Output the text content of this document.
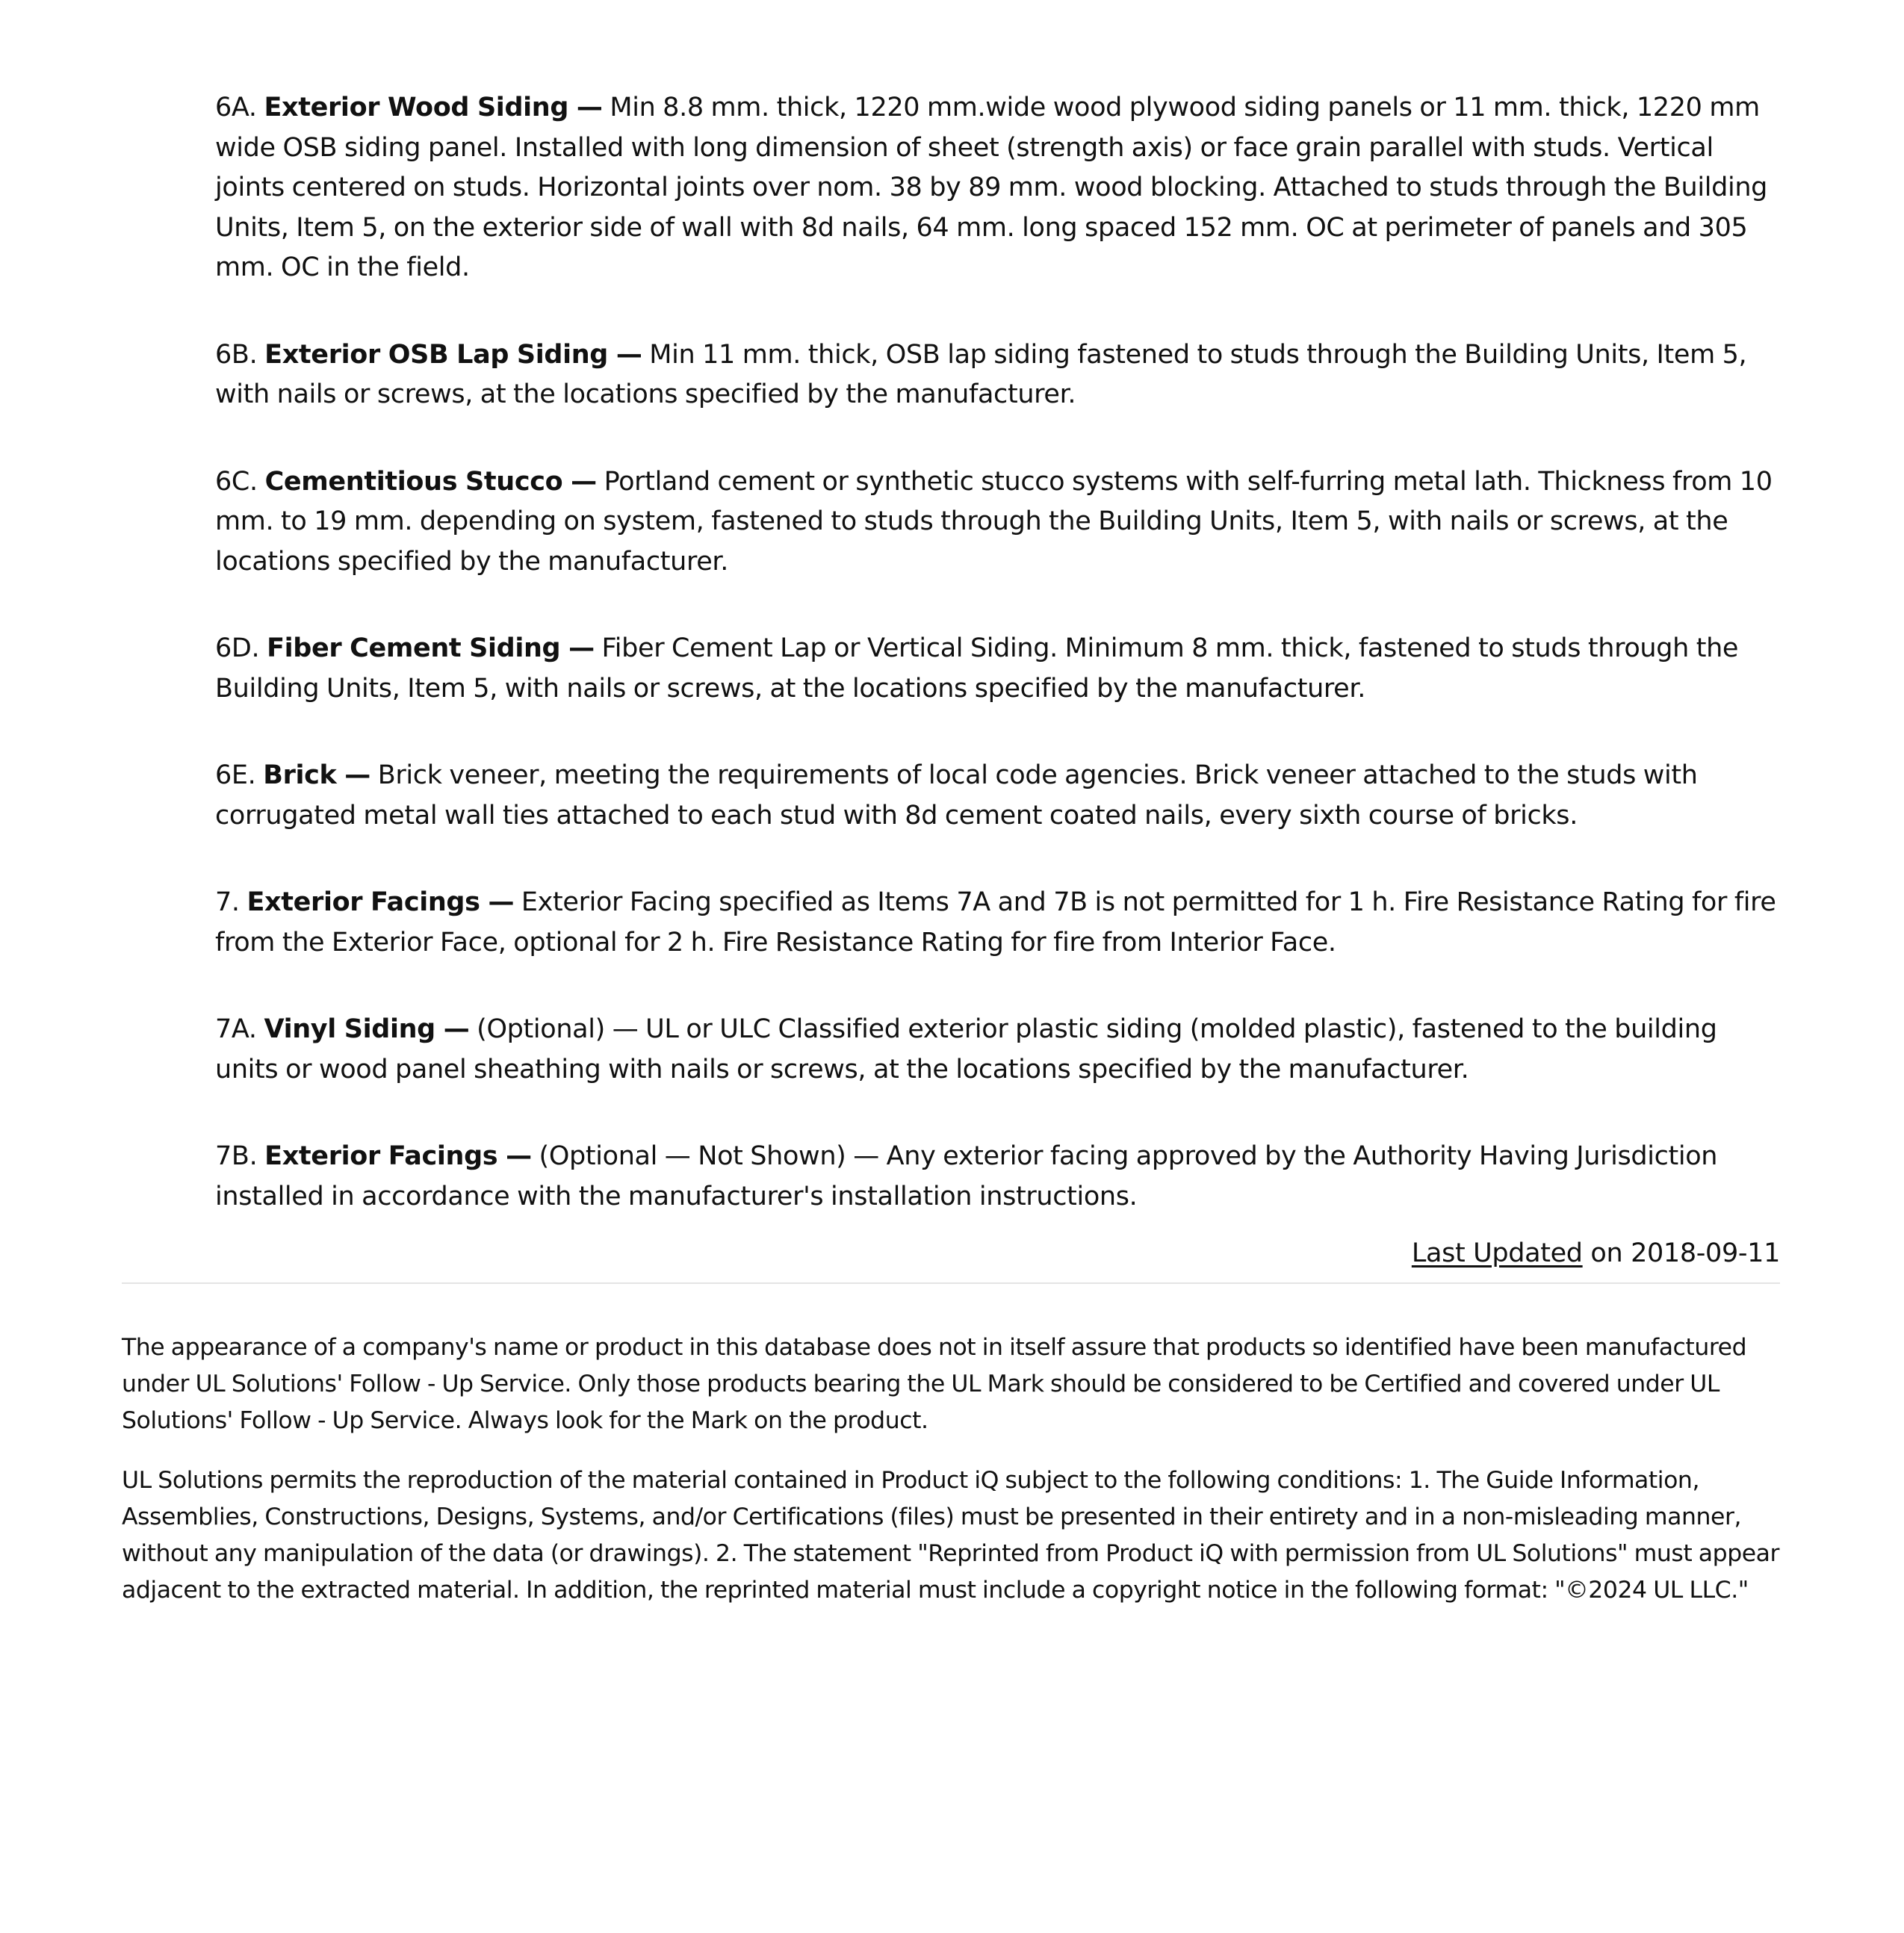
6A. Exterior Wood Siding — Min 8.8 mm. thick, 1220 mm.wide wood plywood siding panels or 11 mm. thick, 1220 mm wide OSB siding panel. Installed with long dimension of sheet (strength axis) or face grain parallel with studs. Vertical joints centered on studs. Horizontal joints over nom. 38 by 89 mm. wood blocking. Attached to studs through the Building Units, Item 5, on the exterior side of wall with 8d nails, 64 mm. long spaced 152 mm. OC at perimeter of panels and 305 mm. OC in the field.

6B. Exterior OSB Lap Siding — Min 11 mm. thick, OSB lap siding fastened to studs through the Building Units, Item 5, with nails or screws, at the locations specified by the manufacturer.

6C. Cementitious Stucco — Portland cement or synthetic stucco systems with self-furring metal lath. Thickness from 10 mm. to 19 mm. depending on system, fastened to studs through the Building Units, Item 5, with nails or screws, at the locations specified by the manufacturer.

6D. Fiber Cement Siding — Fiber Cement Lap or Vertical Siding. Minimum 8 mm. thick, fastened to studs through the Building Units, Item 5, with nails or screws, at the locations specified by the manufacturer.

6E. Brick — Brick veneer, meeting the requirements of local code agencies. Brick veneer attached to the studs with corrugated metal wall ties attached to each stud with 8d cement coated nails, every sixth course of bricks.

7. Exterior Facings — Exterior Facing specified as Items 7A and 7B is not permitted for 1 h. Fire Resistance Rating for fire from the Exterior Face, optional for 2 h. Fire Resistance Rating for fire from Interior Face.

7A. Vinyl Siding — (Optional) — UL or ULC Classified exterior plastic siding (molded plastic), fastened to the building units or wood panel sheathing with nails or screws, at the locations specified by the manufacturer.

7B. Exterior Facings — (Optional — Not Shown) — Any exterior facing approved by the Authority Having Jurisdiction installed in accordance with the manufacturer's installation instructions.

Last Updated on 2018-09-11

The appearance of a company's name or product in this database does not in itself assure that products so identified have been manufactured under UL Solutions' Follow - Up Service. Only those products bearing the UL Mark should be considered to be Certified and covered under UL Solutions' Follow - Up Service. Always look for the Mark on the product.

UL Solutions permits the reproduction of the material contained in Product iQ subject to the following conditions: 1. The Guide Information, Assemblies, Constructions, Designs, Systems, and/or Certifications (files) must be presented in their entirety and in a non-misleading manner, without any manipulation of the data (or drawings). 2. The statement "Reprinted from Product iQ with permission from UL Solutions" must appear adjacent to the extracted material. In addition, the reprinted material must include a copyright notice in the following format: "©2024 UL LLC."
